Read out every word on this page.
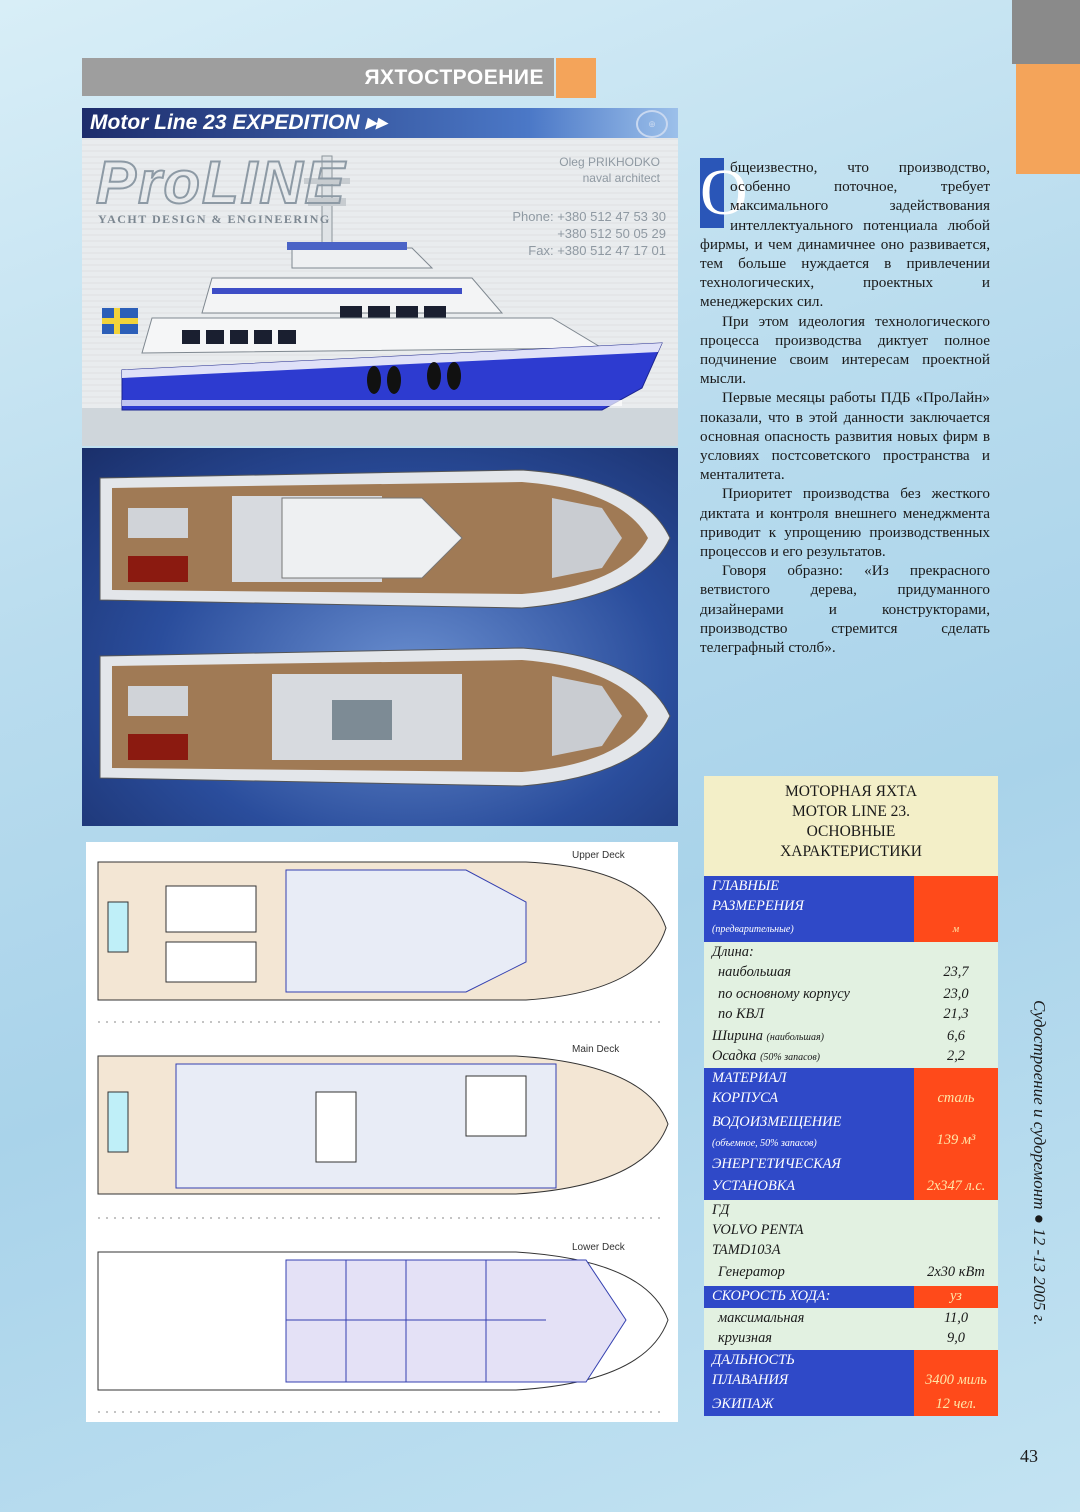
ЯХТОСТРОЕНИЕ
Motor Line 23 EXPEDITION ▸▸	⊕
ProLINE
YACHT DESIGN & ENGINEERING
Oleg PRIKHODKO
naval architect
Phone: +380 512 47 53 30
+380 512 50 05 29
Fax: +380 512 47 17 01
Upper Deck
Main Deck
Lower Deck

О
бщеизвестно, что производство, особенно поточное, требует максимального задействования интеллектуального потенциала любой фирмы, и чем динамичнее оно развивается, тем больше нуждается в привлечении технологических, проектных и менеджерских сил.

При этом идеология технологического процесса производства диктует полное подчинение своим интересам проектной мысли.

Первые месяцы работы ПДБ «ПроЛайн» показали, что в этой данности заключается основная опасность развития новых фирм в условиях постсоветского пространства и менталитета.

Приоритет производства без жесткого диктата и контроля внешнего менеджмента приводит к упрощению производственных процессов и его результатов.

Говоря образно: «Из прекрасного ветвистого дерева, придуманного дизайнерами и конструкторами, производство стремится сделать телеграфный столб».

МОТОРНАЯ ЯХТА
MOTOR LINE 23.
ОСНОВНЫЕ
ХАРАКТЕРИСТИКИ
ГЛАВНЫЕ
РАЗМЕРЕНИЯ
(предварительные)	м
Длина:
наибольшая	23,7
по основному корпусу	23,0
по КВЛ	21,3
Ширина (наибольшая)	6,6
Осадка (50% запасов)	2,2
МАТЕРИАЛ
КОРПУСА	сталь
ВОДОИЗМЕЩЕНИЕ
(объемное, 50% запасов)	139 м³
ЭНЕРГЕТИЧЕСКАЯ
УСТАНОВКА	2х347 л.с.
ГД
VOLVO PENTA
TAMD103A
Генератор	2х30 кВт
СКОРОСТЬ ХОДА:	уз
максимальная	11,0
круизная	9,0
ДАЛЬНОСТЬ
ПЛАВАНИЯ	3400 миль
ЭКИПАЖ	12 чел.
Судостроение и судоремонт ● 12 -13 2005 г.
43
